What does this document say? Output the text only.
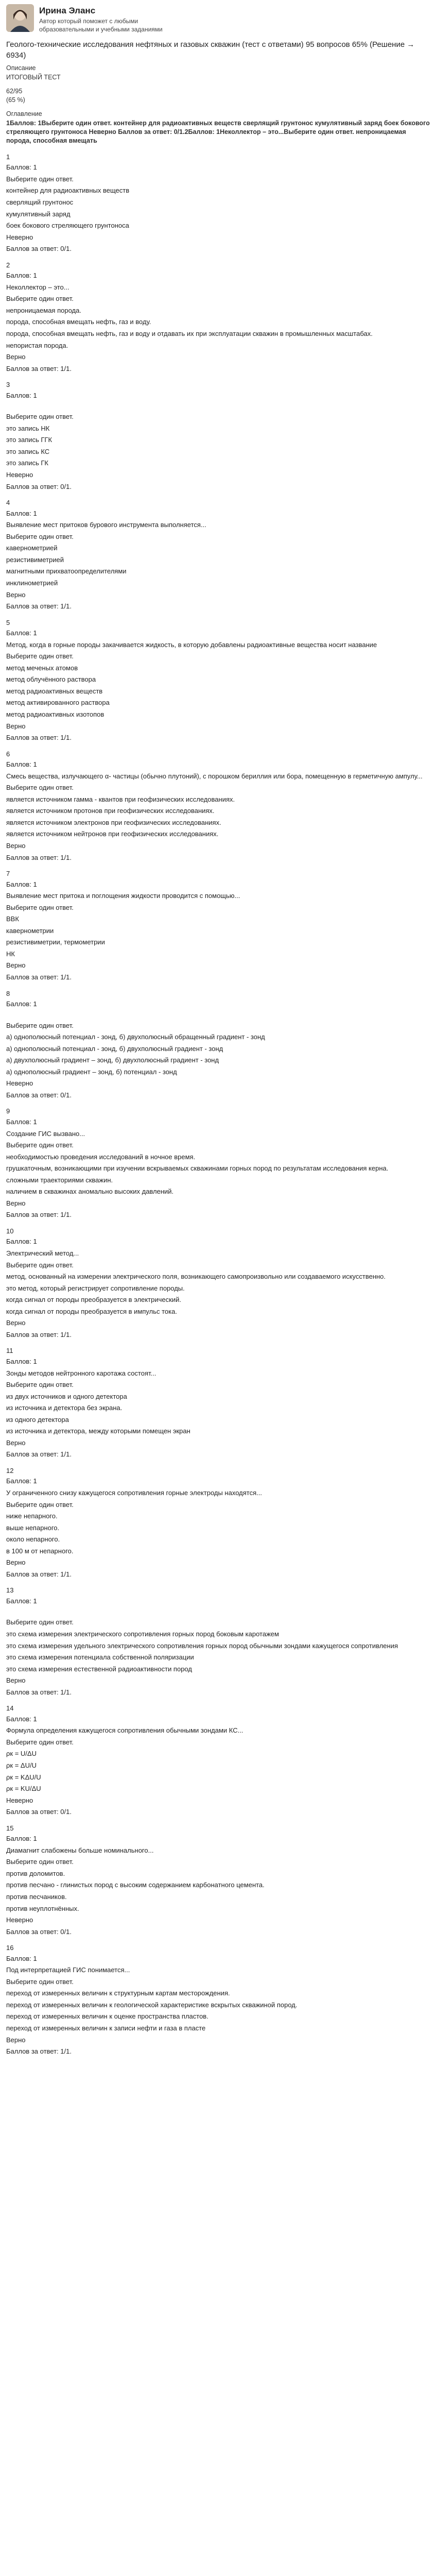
Ирина Эланс
Автор который поможет с любыми образовательными и учебными заданиями
Геолого-технические исследования нефтяных и газовых скважин (тест с ответами) 95 вопросов 65% (Решение → 6934)
Описание
ИТОГОВЫЙ ТЕСТ
62/95
(65 %)
Оглавление
1Баллов: 1Выберите один ответ. контейнер для радиоактивных веществ сверлящий грунтонос кумулятивный заряд боек бокового стреляющего грунтоноса Неверно Баллов за ответ: 0/1.2Баллов: 1Неколлектор – это...Выберите один ответ. непроницаемая порода, способная вмещать
1
Баллов: 1
Выберите один ответ.
контейнер для радиоактивных веществ
сверлящий грунтонос
кумулятивный заряд
боек бокового стреляющего грунтоноса
Неверно
Баллов за ответ: 0/1.
2
Баллов: 1
Неколлектор – это...
Выберите один ответ.
непроницаемая порода.
порода, способная вмещать нефть, газ и воду.
порода, способная вмещать нефть, газ и воду и отдавать их при эксплуатации скважин в промышленных масштабах.
непористая порода.
Верно
Баллов за ответ: 1/1.
3
Баллов: 1
Выберите один ответ.
это запись НК
это запись ГГК
это запись КС
это запись ГК
Неверно
Баллов за ответ: 0/1.
4
Баллов: 1
Выявление мест притоков бурового инструмента выполняется...
Выберите один ответ.
кавернометрией
резистивиметрией
магнитными прихватоопределителями
инклинометрией
Верно
Баллов за ответ: 1/1.
5
Баллов: 1
Метод, когда в горные породы закачивается жидкость, в которую добавлены радиоактивные вещества носит название
Выберите один ответ.
метод меченых атомов
метод облучённого раствора
метод радиоактивных веществ
метод активированного раствора
метод радиоактивных изотопов
Верно
Баллов за ответ: 1/1.
6
Баллов: 1
Смесь вещества, излучающего α- частицы (обычно плутоний), с порошком бериллия или бора, помещенную в герметичную ампулу...
Выберите один ответ.
является источником гамма - квантов при геофизических исследованиях.
является источником протонов при геофизических исследованиях.
является источником электронов при геофизических исследованиях.
является источником нейтронов при геофизических исследованиях.
Верно
Баллов за ответ: 1/1.
7
Баллов: 1
Выявление мест притока и поглощения жидкости проводится с помощью...
Выберите один ответ.
ВВК
кавернометрии
резистивиметрии, термометрии
НК
Верно
Баллов за ответ: 1/1.
8
Баллов: 1
Выберите один ответ.
а) однополюсный потенциал - зонд, б) двухполюсный обращенный градиент - зонд
а) однополюсный потенциал - зонд, б) двухполюсный градиент - зонд
а) двухполюсный градиент – зонд, б) двухполюсный градиент - зонд
а) однополюсный градиент – зонд, б) потенциал - зонд
Неверно
Баллов за ответ: 0/1.
9
Баллов: 1
Создание ГИС вызвано...
Выберите один ответ.
необходимостью проведения исследований в ночное время.
грушкаточным, возникающими при изучении вскрываемых скважинами горных пород по результатам исследования керна.
сложными траекториями скважин.
наличием в скважинах аномально высоких давлений.
Верно
Баллов за ответ: 1/1.
10
Баллов: 1
Электрический метод...
Выберите один ответ.
метод, основанный на измерении электрического поля, возникающего самопроизвольно или создаваемого искусственно.
это метод, который регистрирует сопротивление породы.
когда сигнал от породы преобразуется в электрический.
когда сигнал от породы преобразуется в импульс тока.
Верно
Баллов за ответ: 1/1.
11
Баллов: 1
Зонды методов нейтронного каротажа состоят...
Выберите один ответ.
из двух источников и одного детектора
из источника и детектора без экрана.
из одного детектора
из источника и детектора, между которыми помещен экран
Верно
Баллов за ответ: 1/1.
12
Баллов: 1
У ограниченного снизу кажущегося сопротивления горные электроды находятся...
Выберите один ответ.
ниже непарного.
выше непарного.
около непарного.
в 100 м от непарного.
Верно
Баллов за ответ: 1/1.
13
Баллов: 1
Выберите один ответ.
это схема измерения электрического сопротивления горных пород боковым каротажем
это схема измерения удельного электрического сопротивления горных пород обычными зондами кажущегося сопротивления
это схема измерения потенциала собственной поляризации
это схема измерения естественной радиоактивности пород
Верно
Баллов за ответ: 1/1.
14
Баллов: 1
Формула определения кажущегося сопротивления обычными зондами КС...
Выберите один ответ.
ρк = U/ΔU
ρк = ΔU/U
ρк = KΔU/U
ρк = KU/ΔU
Неверно
Баллов за ответ: 0/1.
15
Баллов: 1
Диамагнит слабожены больше номинального...
Выберите один ответ.
против доломитов.
против песчано - глинистых пород с высоким содержанием карбонатного цемента.
против песчаников.
против неуплотнённых.
Неверно
Баллов за ответ: 0/1.
16
Баллов: 1
Под интерпретацией ГИС понимается...
Выберите один ответ.
переход от измеренных величин к структурным картам месторождения.
переход от измеренных величин к геологической характеристике вскрытых скважиной пород.
переход от измеренных величин к оценке пространства пластов.
переход от измеренных величин к записи нефти и газа в пласте
Верно
Баллов за ответ: 1/1.
